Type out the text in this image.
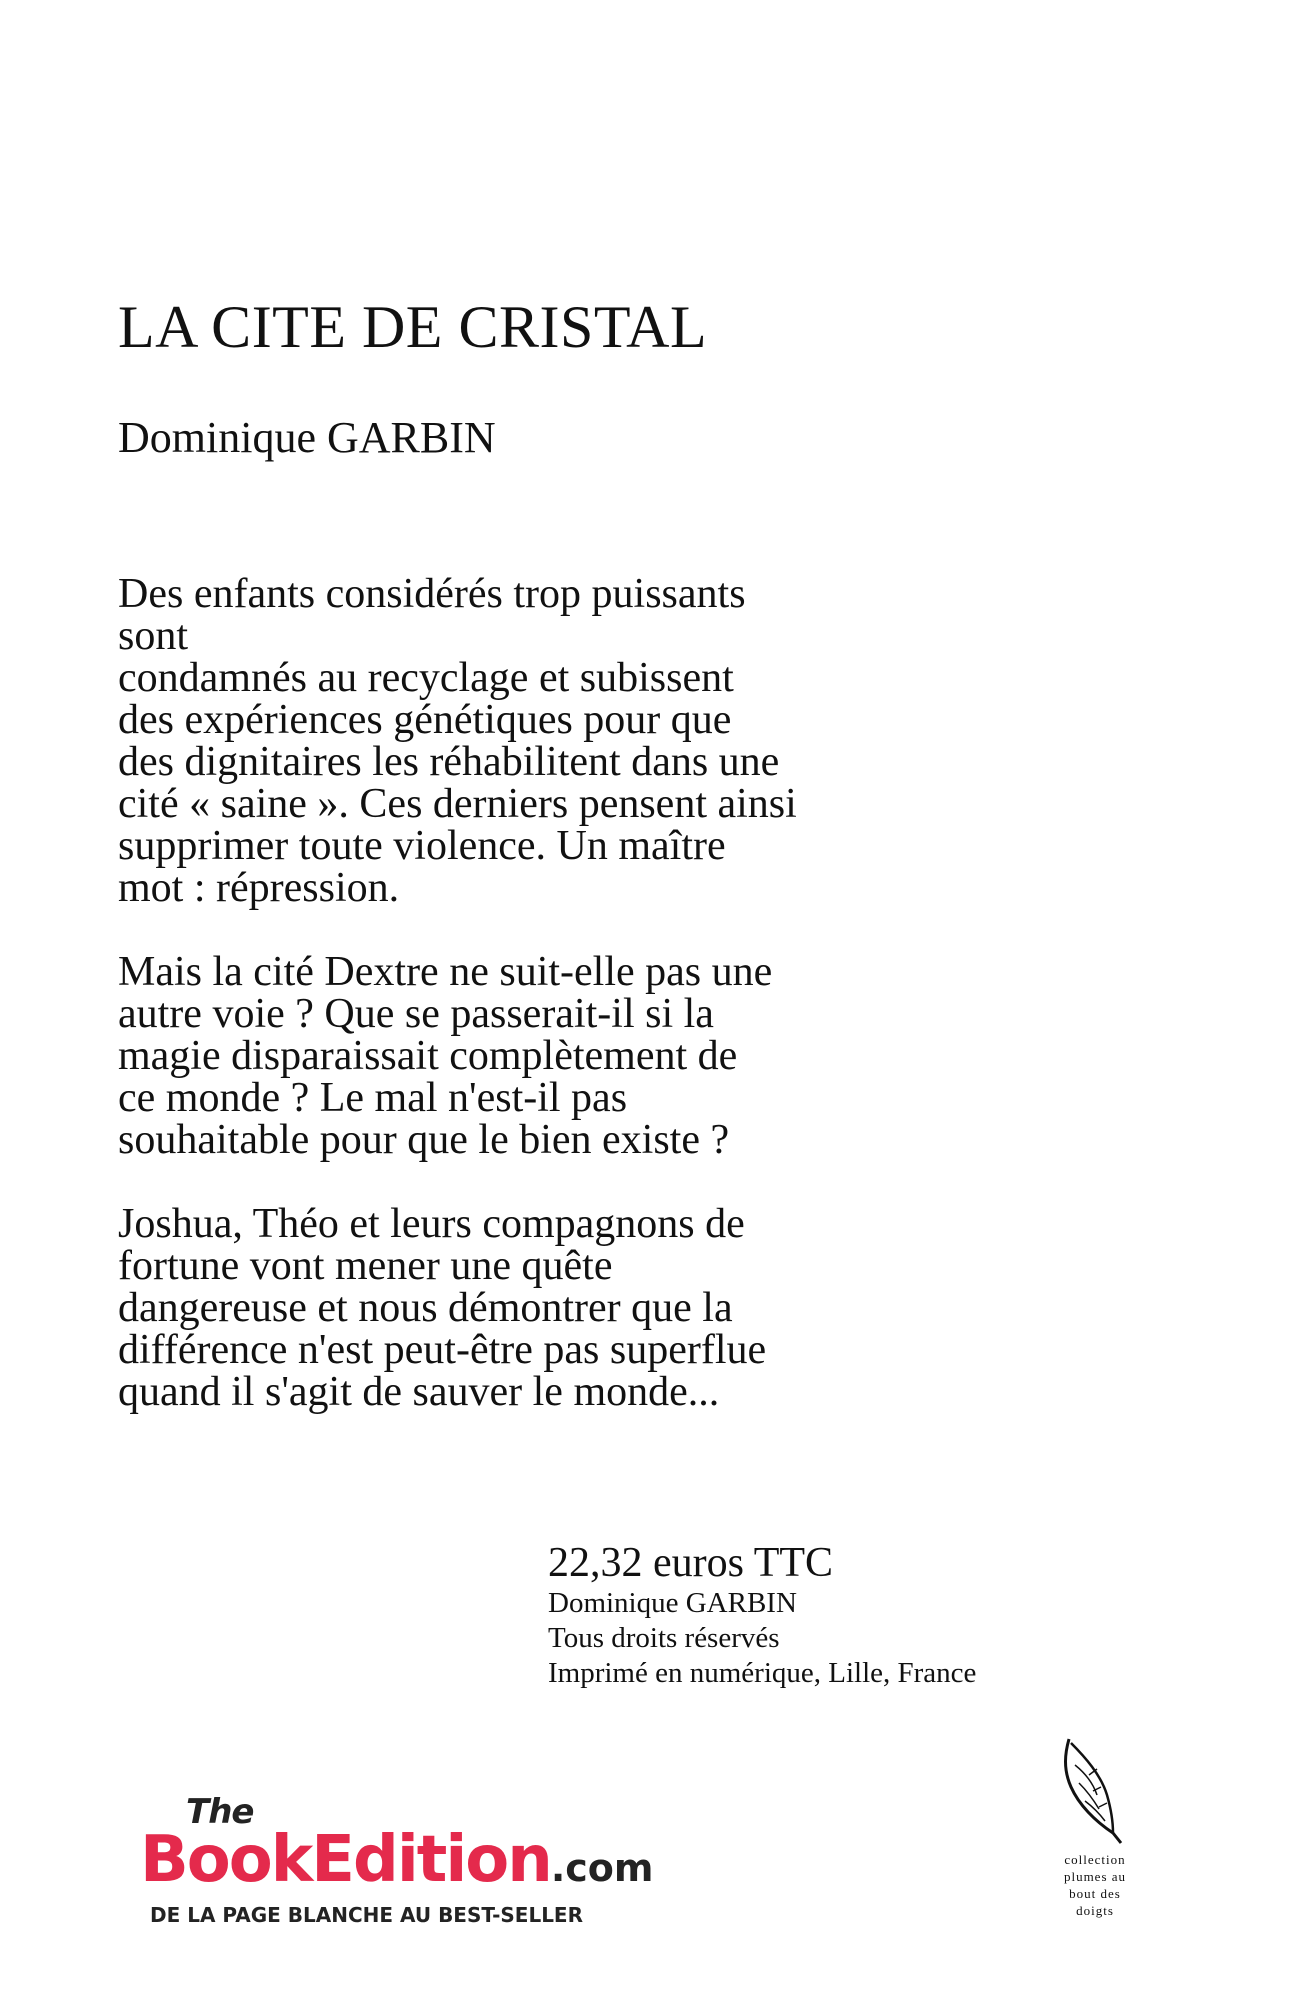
LA CITE DE CRISTAL
Dominique GARBIN

Des enfants considérés trop puissants
sont
condamnés au recyclage et subissent
des expériences génétiques pour que
des dignitaires les réhabilitent dans une
cité « saine ». Ces derniers pensent ainsi
supprimer toute violence. Un maître
mot : répression.

Mais la cité Dextre ne suit-elle pas une
autre voie ? Que se passerait-il si la
magie disparaissait complètement de
ce monde ? Le mal n'est-il pas
souhaitable pour que le bien existe ?

Joshua, Théo et leurs compagnons de
fortune vont mener une quête
dangereuse et nous démontrer que la
différence n'est peut-être pas superflue
quand il s'agit de sauver le monde...

22,32 euros TTC
Dominique GARBIN
Tous droits réservés
Imprimé en numérique, Lille, France
The
BookEdition.com
DE LA PAGE BLANCHE AU BEST-SELLER
collection
plumes au
bout des
doigts
